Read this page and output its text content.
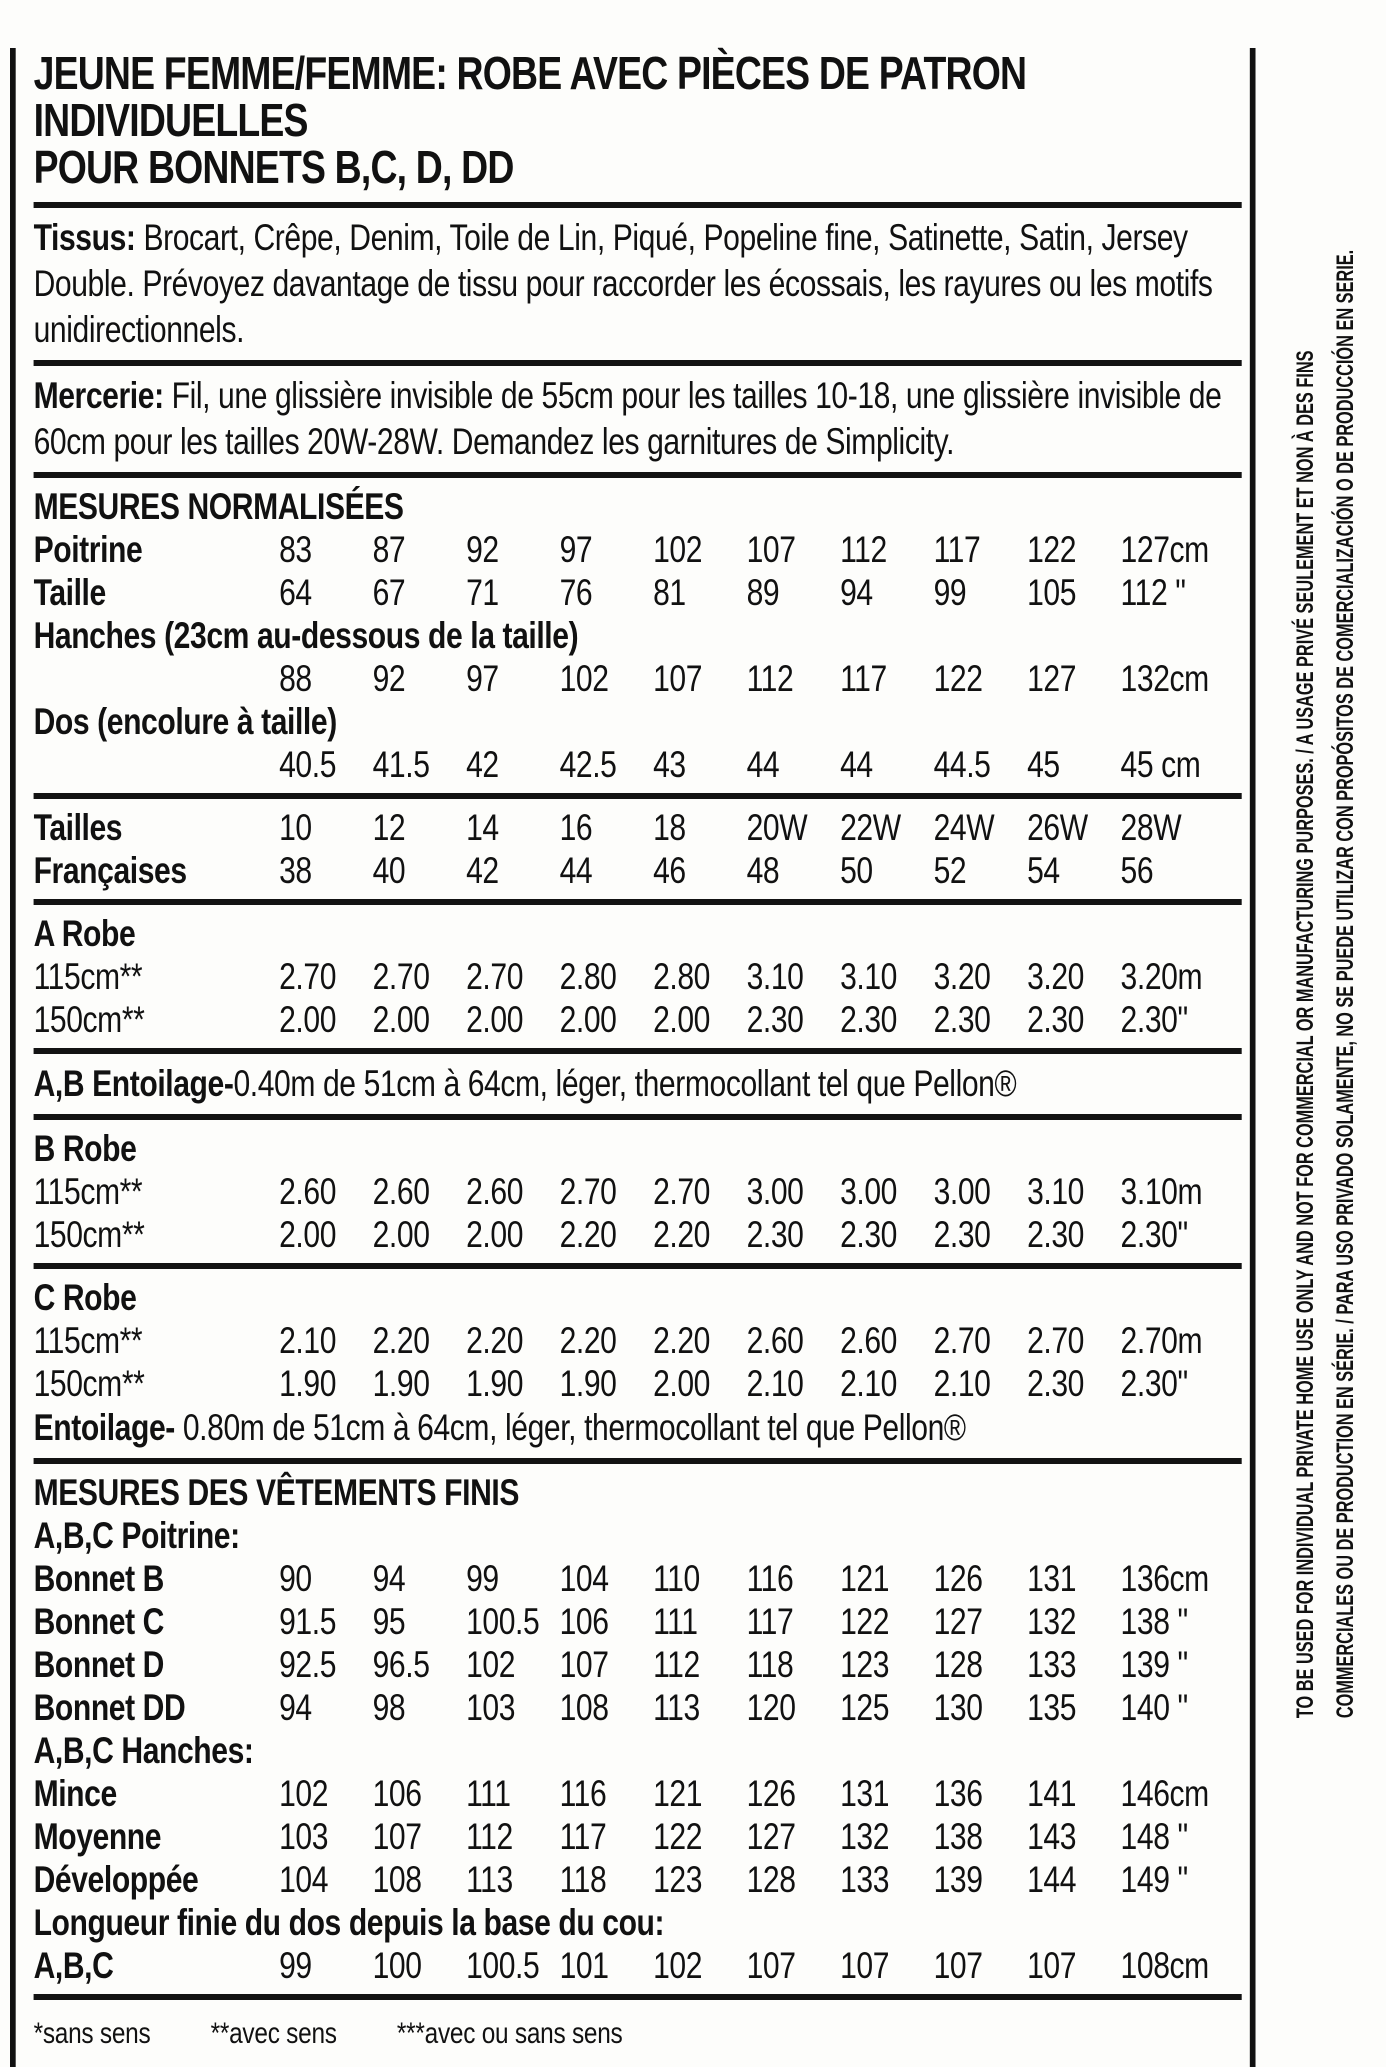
JEUNE FEMME/FEMME: ROBE AVEC PIÈCES DE PATRON INDIVIDUELLES
POUR BONNETS B,C, D, DD
Tissus: Brocart, Crêpe, Denim, Toile de Lin, Piqué, Popeline fine, Satinette, Satin, Jersey Double. Prévoyez davantage de tissu pour raccorder les écossais, les rayures ou les motifs unidirectionnels.
Mercerie: Fil, une glissière invisible de 55cm pour les tailles 10-18, une glissière invisible de 60cm pour les tailles 20W-28W. Demandez les garnitures de Simplicity.
MESURES NORMALISÉES
Poitrine	83	87	92	97	102	107	112	117	122	127cm
Taille	64	67	71	76	81	89	94	99	105	112 "
Hanches (23cm au-dessous de la taille)
88	92	97	102	107	112	117	122	127	132cm
Dos (encolure à taille)
40.5 41.5 42	42.5 43	44	44	44.5 45	45 cm
Tailles	10	12	14	16	18	20W 22W 24W 26W 28W
Françaises	38	40	42	44	46	48	50	52	54	56
A Robe
115cm**	2.70 2.70 2.70 2.80 2.80 3.10 3.10 3.20 3.20 3.20m
150cm**	2.00 2.00 2.00 2.00 2.00 2.30 2.30 2.30 2.30 2.30"
A,B Entoilage-0.40m de 51cm à 64cm, léger, thermocollant tel que Pellon®
B Robe
115cm**	2.60 2.60 2.60 2.70 2.70 3.00 3.00 3.00 3.10 3.10m
150cm**	2.00 2.00 2.00 2.20 2.20 2.30 2.30 2.30 2.30 2.30"
C Robe
115cm**	2.10 2.20 2.20 2.20 2.20 2.60 2.60 2.70 2.70 2.70m
150cm**	1.90 1.90 1.90 1.90 2.00 2.10 2.10 2.10 2.30 2.30"
Entoilage- 0.80m de 51cm à 64cm, léger, thermocollant tel que Pellon®
MESURES DES VÊTEMENTS FINIS
A,B,C Poitrine:
Bonnet B	90	94	99	104	110	116	121	126	131	136cm
Bonnet C	91.5 95	100.5 106	111	117	122	127	132	138 "
Bonnet D	92.5 96.5 102	107	112	118	123	128	133	139 "
Bonnet DD	94	98	103	108	113	120	125	130	135	140 "
A,B,C Hanches:
Mince	102	106	111	116	121	126	131	136	141	146cm
Moyenne	103	107	112	117	122	127	132	138	143	148 "
Développée	104	108	113	118	123	128	133	139	144	149 "
Longueur finie du dos depuis la base du cou:
A,B,C	99	100	100.5 101	102	107	107	107	107	108cm
*sans sens **avec sens ***avec ou sans sens
TO BE USED FOR INDIVIDUAL PRIVATE HOME USE ONLY AND NOT FOR COMMERCIAL OR MANUFACTURING PURPOSES. / A USAGE PRIVÉ SEULEMENT ET NON À DES FINS COMMERCIALES OU DE PRODUCTION EN SÉRIE. / PARA USO PRIVADO SOLAMENTE, NO SE PUEDE UTILIZAR CON PROPÓSITOS DE COMERCIALIZACIÓN O DE PRODUCCIÓN EN SERIE.
